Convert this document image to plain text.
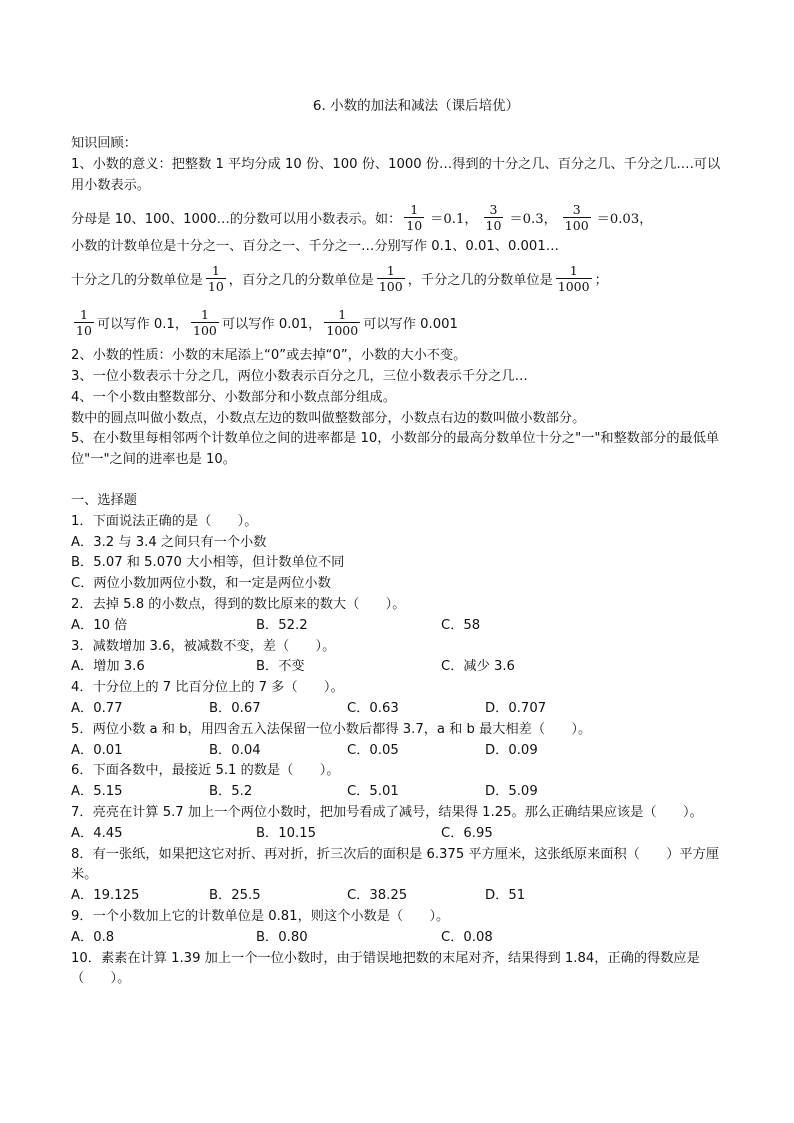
6. 小数的加法和减法（课后培优）
知识回顾：
1、小数的意义：把整数 1 平均分成 10 份、100 份、1000 份…得到的十分之几、百分之几、千分之几….可以用小数表示。
分母是 10、100、1000…的分数可以用小数表示。如： $\frac{1}{10} =0.1$， $\frac{3}{10} =0.3$， $\frac{3}{100} =0.03$，
小数的计数单位是十分之一、百分之一、千分之一…分别写作 0.1、0.01、0.001…
十分之几的分数单位是 $\frac{1}{10}$ ，百分之几的分数单位是 $\frac{1}{100}$ ，千分之几的分数单位是 $\frac{1}{1000}$ ；
$\frac{1}{10}$ 可以写作 0.1， $\frac{1}{100}$ 可以写作 0.01， $\frac{1}{1000}$ 可以写作 0.001
2、小数的性质：小数的末尾添上“0”或去掉“0”，小数的大小不变。
3、一位小数表示十分之几，两位小数表示百分之几，三位小数表示千分之几…
4、一个小数由整数部分、小数部分和小数点部分组成。
数中的圆点叫做小数点，小数点左边的数叫做整数部分，小数点右边的数叫做小数部分。
5、在小数里每相邻两个计数单位之间的进率都是 10，小数部分的最高分数单位十分之"一"和整数部分的最低单位"一"之间的进率也是 10。
一、选择题
1．下面说法正确的是（　　）。
A．3.2 与 3.4 之间只有一个小数
B．5.07 和 5.070 大小相等，但计数单位不同
C．两位小数加两位小数，和一定是两位小数
2．去掉 5.8 的小数点，得到的数比原来的数大（　　）。
A．10 倍	B．52.2	C．58
3．减数增加 3.6，被减数不变，差（　　）。
A．增加 3.6	B．不变	C．减少 3.6
4．十分位上的 7 比百分位上的 7 多（　　）。
A．0.77	B．0.67	C．0.63	D．0.707
5．两位小数 a 和 b，用四舍五入法保留一位小数后都得 3.7，a 和 b 最大相差（　　）。
A．0.01	B．0.04	C．0.05	D．0.09
6．下面各数中，最接近 5.1 的数是（　　）。
A．5.15	B．5.2	C．5.01	D．5.09
7．亮亮在计算 5.7 加上一个两位小数时，把加号看成了减号，结果得 1.25。那么正确结果应该是（　　）。
A．4.45	B．10.15	C．6.95
8．有一张纸，如果把这它对折、再对折，折三次后的面积是 6.375 平方厘米，这张纸原来面积（　　）平方厘米。
A．19.125	B．25.5	C．38.25	D．51
9．一个小数加上它的计数单位是 0.81，则这个小数是（　　）。
A．0.8	B．0.80	C．0.08
10．素素在计算 1.39 加上一个一位小数时，由于错误地把数的末尾对齐，结果得到 1.84，正确的得数应是（　　）。
